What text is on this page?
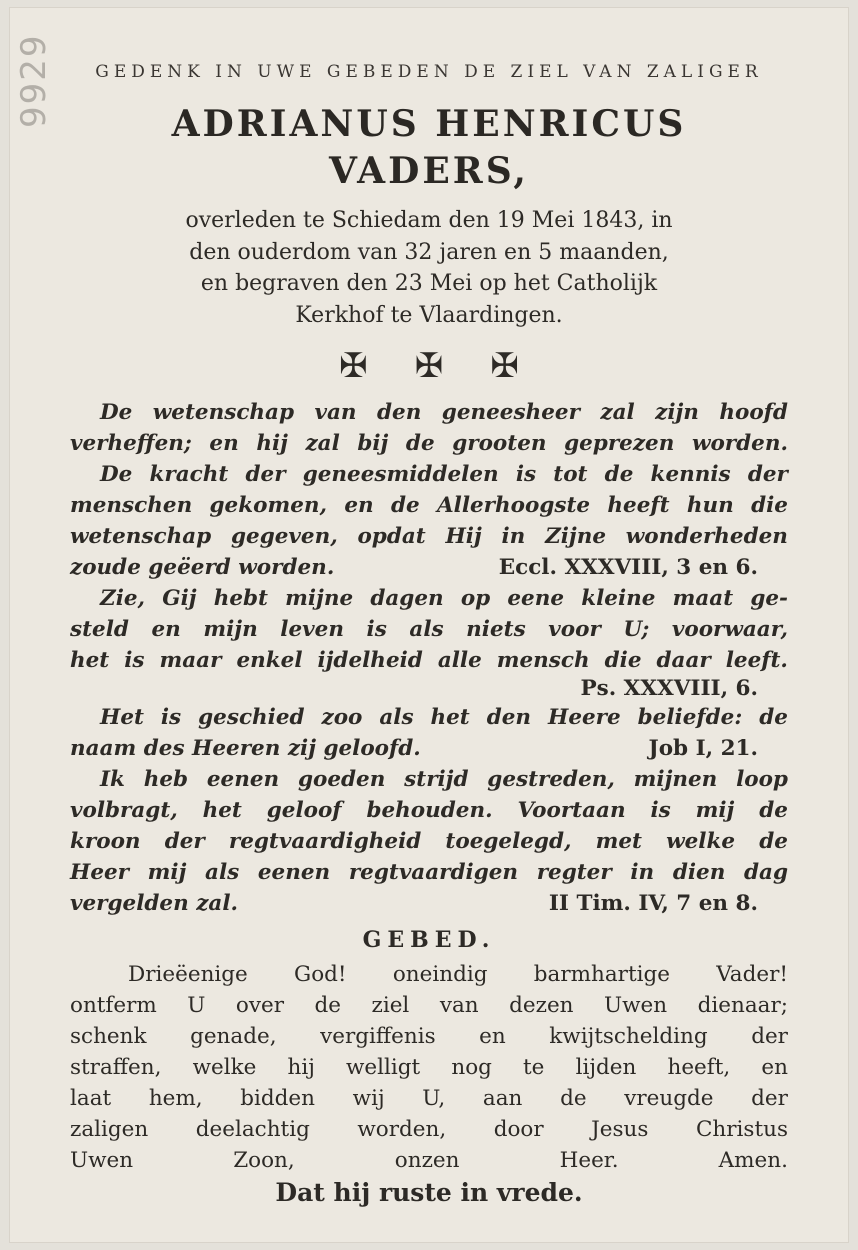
9929	GEDENK IN UWE GEBEDEN DE ZIEL VAN ZALIGER
ADRIANUS HENRICUS
VADERS,
overleden te Schiedam den 19 Mei 1843, in
den ouderdom van 32 jaren en 5 maanden,
en begraven den 23 Mei op het Catholijk
Kerkhof te Vlaardingen.
✠ ✠ ✠
De wetenschap van den geneesheer zal zijn hoofd
verheffen; en hij zal bij de grooten geprezen worden.
De kracht der geneesmiddelen is tot de kennis der
menschen gekomen, en de Allerhoogste heeft hun die
wetenschap gegeven, opdat Hij in Zijne wonderheden
zoude geëerd worden.	Eccl. XXXVIII, 3 en 6.
Zie, Gij hebt mijne dagen op eene kleine maat ge-
steld en mijn leven is als niets voor U; voorwaar,
het is maar enkel ijdelheid alle mensch die daar leeft.
Ps. XXXVIII, 6.
Het is geschied zoo als het den Heere beliefde: de
naam des Heeren zij geloofd.	Job I, 21.
Ik heb eenen goeden strijd gestreden, mijnen loop
volbragt, het geloof behouden. Voortaan is mij de
kroon der regtvaardigheid toegelegd, met welke de
Heer mij als eenen regtvaardigen regter in dien dag
vergelden zal.	II Tim. IV, 7 en 8.
GEBED.
Drieëenige God! oneindig barmhartige Vader!
ontferm U over de ziel van dezen Uwen dienaar;
schenk genade, vergiffenis en kwijtschelding der
straffen, welke hij welligt nog te lijden heeft, en
laat hem, bidden wij U, aan de vreugde der
zaligen deelachtig worden, door Jesus Christus
Uwen	Zoon,	onzen	Heer.	Amen.
Dat hij ruste in vrede.
